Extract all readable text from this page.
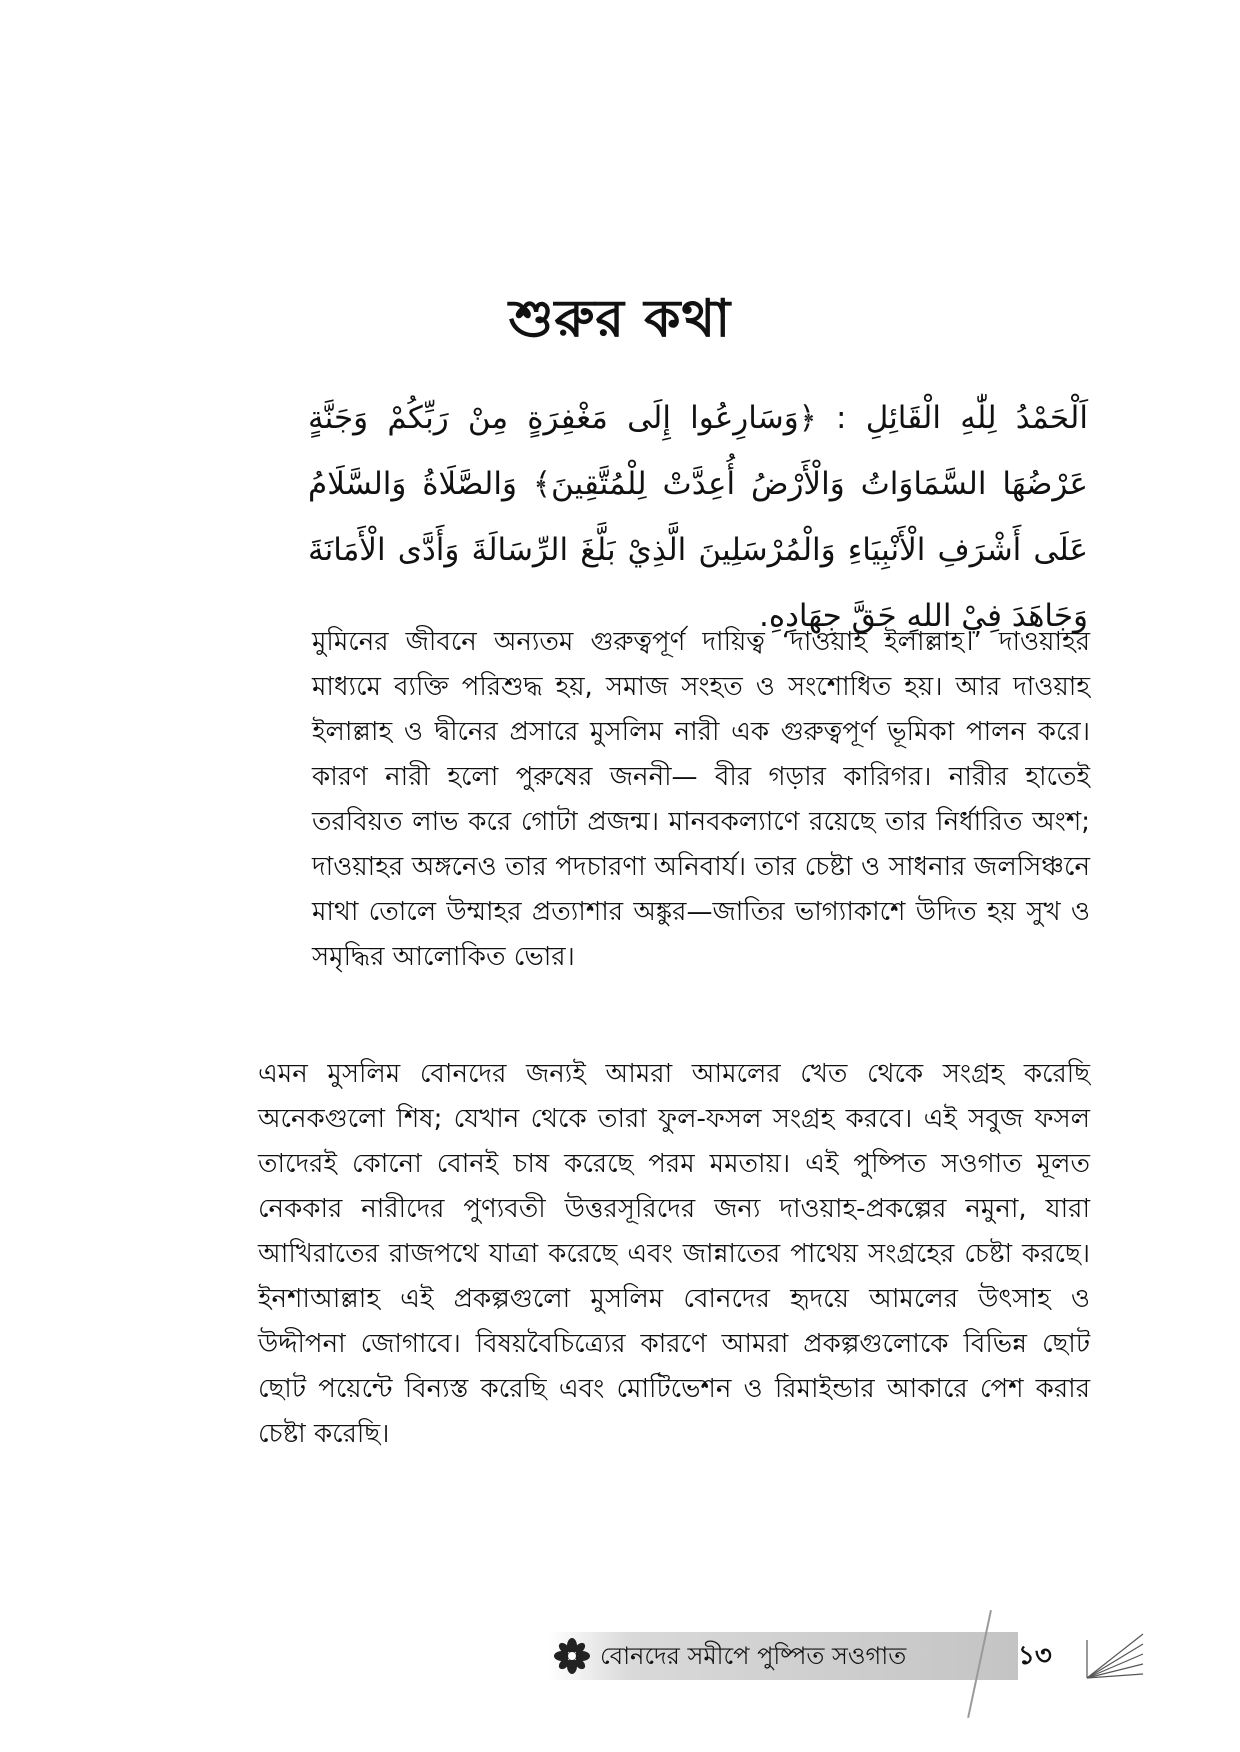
শুরুর কথা

اَلْحَمْدُ لِلّٰهِ الْقَائِلِ : ﴿وَسَارِعُوا إِلَى مَغْفِرَةٍ مِنْ رَبِّكُمْ وَجَنَّةٍ عَرْضُهَا السَّمَاوَاتُ وَالْأَرْضُ أُعِدَّتْ لِلْمُتَّقِينَ﴾ وَالصَّلَاةُ وَالسَّلَامُ عَلَى أَشْرَفِ الْأَنْبِيَاءِ وَالْمُرْسَلِينَ الَّذِيْ بَلَّغَ الرِّسَالَةَ وَأَدَّى الْأَمَانَةَ وَجَاهَدَ فِيْ اللهِ حَقَّ جِهَادِهِ.

মুমিনের জীবনে অন্যতম গুরুত্বপূর্ণ দায়িত্ব ‘দাওয়াহ ইলাল্লাহ।’ দাওয়াহর মাধ্যমে ব্যক্তি পরিশুদ্ধ হয়, সমাজ সংহত ও সংশোধিত হয়। আর দাওয়াহ ইলাল্লাহ ও দ্বীনের প্রসারে মুসলিম নারী এক গুরুত্বপূর্ণ ভূমিকা পালন করে। কারণ নারী হলো পুরুষের জননী— বীর গড়ার কারিগর। নারীর হাতেই তরবিয়ত লাভ করে গোটা প্রজন্ম। মানবকল্যাণে রয়েছে তার নির্ধারিত অংশ; দাওয়াহর অঙ্গনেও তার পদচারণা অনিবার্য। তার চেষ্টা ও সাধনার জলসিঞ্চনে মাথা তোলে উম্মাহর প্রত্যাশার অঙ্কুর—জাতির ভাগ্যাকাশে উদিত হয় সুখ ও সমৃদ্ধির আলোকিত ভোর।

এমন মুসলিম বোনদের জন্যই আমরা আমলের খেত থেকে সংগ্রহ করেছি অনেকগুলো শিষ; যেখান থেকে তারা ফুল-ফসল সংগ্রহ করবে। এই সবুজ ফসল তাদেরই কোনো বোনই চাষ করেছে পরম মমতায়। এই পুষ্পিত সওগাত মূলত নেককার নারীদের পুণ্যবতী উত্তরসূরিদের জন্য দাওয়াহ-প্রকল্পের নমুনা, যারা আখিরাতের রাজপথে যাত্রা করেছে এবং জান্নাতের পাথেয় সংগ্রহের চেষ্টা করছে। ইনশাআল্লাহ এই প্রকল্পগুলো মুসলিম বোনদের হৃদয়ে আমলের উৎসাহ ও উদ্দীপনা জোগাবে। বিষয়বৈচিত্র্যের কারণে আমরা প্রকল্পগুলোকে বিভিন্ন ছোট ছোট পয়েন্টে বিন্যস্ত করেছি এবং মোটিভেশন ও রিমাইন্ডার আকারে পেশ করার চেষ্টা করেছি।

বোনদের সমীপে পুষ্পিত সওগাত	১৩
